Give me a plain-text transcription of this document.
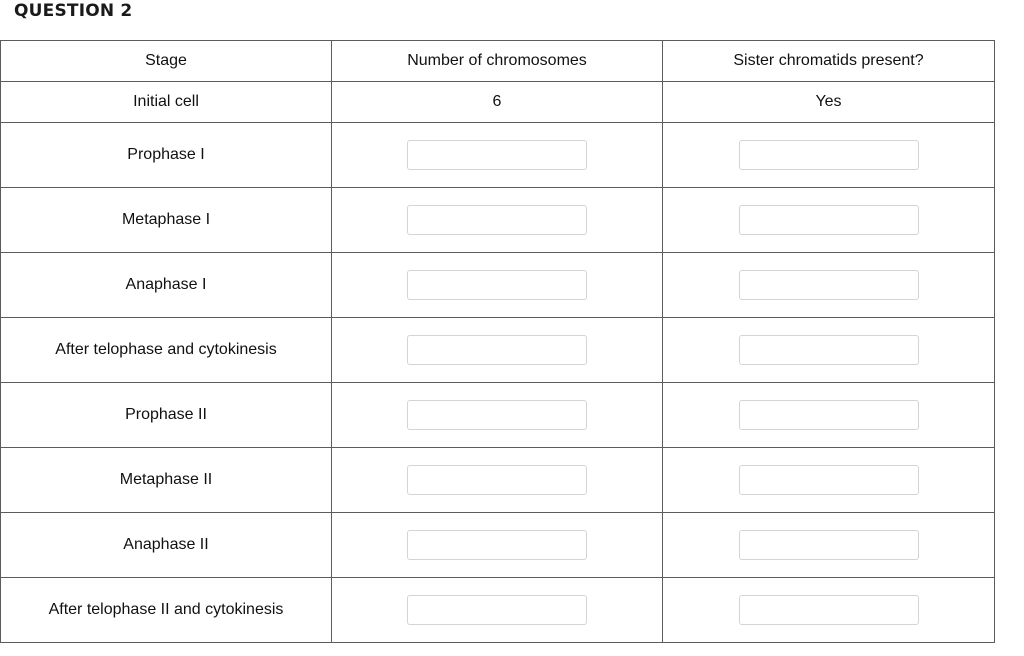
QUESTION 2
Stage	Number of chromosomes	Sister chromatids present?
Initial cell	6	Yes
Prophase I		
Metaphase I		
Anaphase I		
After telophase and cytokinesis		
Prophase II		
Metaphase II		
Anaphase II		
After telophase II and cytokinesis		
